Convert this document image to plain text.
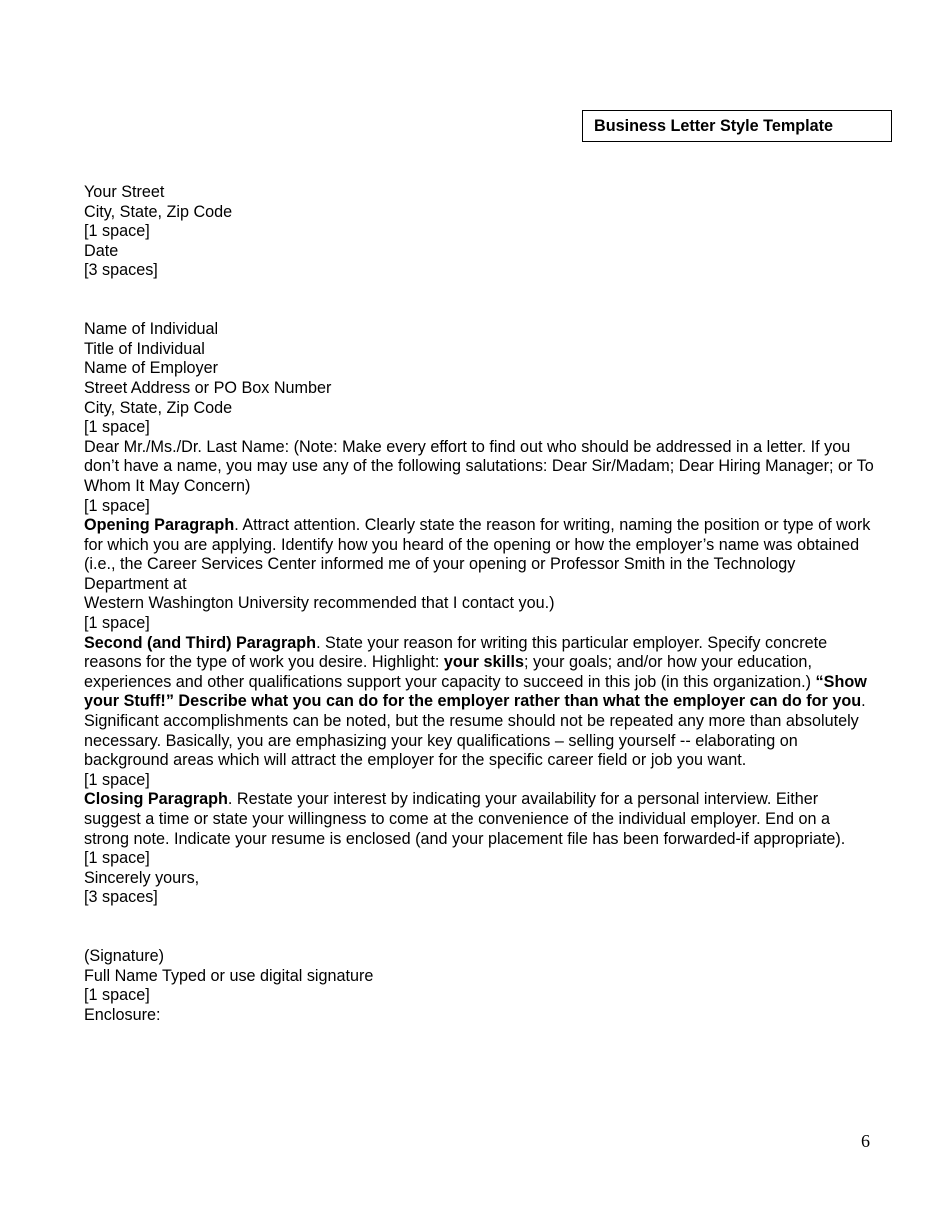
Business Letter Style Template
Your Street
City, State, Zip Code
[1 space]
Date
[3 spaces]
Name of Individual
Title of Individual
Name of Employer
Street Address or PO Box Number
City, State, Zip Code
[1 space]
Dear Mr./Ms./Dr. Last Name: (Note: Make every effort to find out who should be addressed in a letter. If you don’t have a name, you may use any of the following salutations: Dear Sir/Madam; Dear Hiring Manager; or To Whom It May Concern)
[1 space]
Opening Paragraph. Attract attention. Clearly state the reason for writing, naming the position or type of work for which you are applying. Identify how you heard of the opening or how the employer’s name was obtained (i.e., the Career Services Center informed me of your opening or Professor Smith in the Technology Department at
Western Washington University recommended that I contact you.)
[1 space]
Second (and Third) Paragraph. State your reason for writing this particular employer. Specify concrete reasons for the type of work you desire. Highlight: your skills; your goals; and/or how your education, experiences and other qualifications support your capacity to succeed in this job (in this organization.) “Show your Stuff!” Describe what you can do for the employer rather than what the employer can do for you. Significant accomplishments can be noted, but the resume should not be repeated any more than absolutely necessary. Basically, you are emphasizing your key qualifications – selling yourself -- elaborating on background areas which will attract the employer for the specific career field or job you want.
[1 space]
Closing Paragraph. Restate your interest by indicating your availability for a personal interview. Either suggest a time or state your willingness to come at the convenience of the individual employer. End on a strong note. Indicate your resume is enclosed (and your placement file has been forwarded-if appropriate).
[1 space]
Sincerely yours,
[3 spaces]
(Signature)
Full Name Typed or use digital signature
[1 space]
Enclosure:
6
